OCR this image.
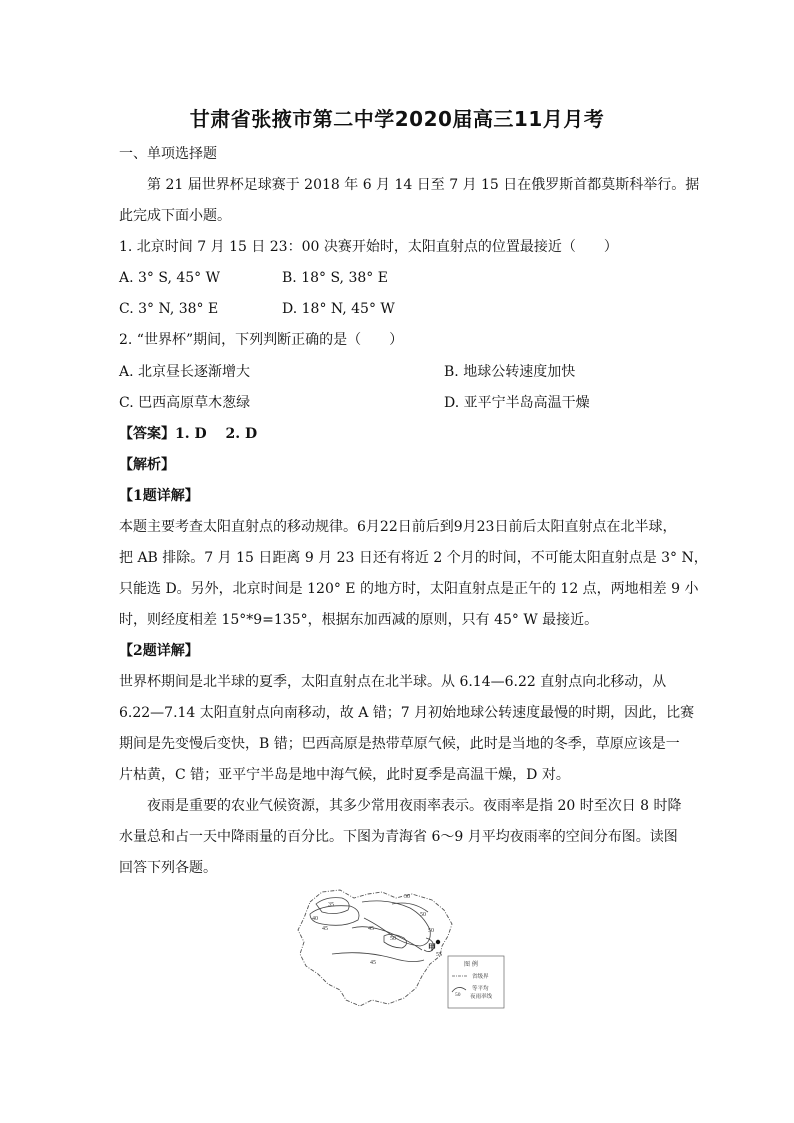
甘肃省张掖市第二中学2020届高三11月月考
一、单项选择题
第 21 届世界杯足球赛于 2018 年 6 月 14 日至 7 月 15 日在俄罗斯首都莫斯科举行。据
此完成下面小题。
1. 北京时间 7 月 15 日 23：00 决赛开始时，太阳直射点的位置最接近（　　）
A. 3° S, 45° W	B. 18° S, 38° E
C. 3° N, 38° E	D. 18° N, 45° W
2. “世界杯”期间，下列判断正确的是（　　）
A. 北京昼长逐渐增大	B. 地球公转速度加快
C. 巴西高原草木葱绿	D. 亚平宁半岛高温干燥
【答案】1. D　 2. D
【解析】
【1题详解】
本题主要考查太阳直射点的移动规律。6月22日前后到9月23日前后太阳直射点在北半球，
把 AB 排除。7 月 15 日距离 9 月 23 日还有将近 2 个月的时间，不可能太阳直射点是 3° N，
只能选 D。另外，北京时间是 120° E 的地方时，太阳直射点是正午的 12 点，两地相差 9 小
时，则经度相差 15°*9=135°，根据东加西减的原则，只有 45° W 最接近。
【2题详解】
世界杯期间是北半球的夏季，太阳直射点在北半球。从 6.14—6.22 直射点向北移动，从
6.22—7.14 太阳直射点向南移动，故 A 错；7 月初始地球公转速度最慢的时期，因此，比赛
期间是先变慢后变快，B 错；巴西高原是热带草原气候，此时是当地的冬季，草原应该是一
片枯黄，C 错；亚平宁半岛是地中海气候，此时夏季是高温干燥，D 对。
夜雨是重要的农业气候资源，其多少常用夜雨率表示。夜雨率是指 20 时至次日 8 时降
水量总和占一天中降雨量的百分比。下图为青海省 6～9 月平均夜雨率的空间分布图。读图
回答下列各题。
35
40
45
50
50
45
45
50
55
50
甲
图 例
省级界
50
等平均
夜雨率线
